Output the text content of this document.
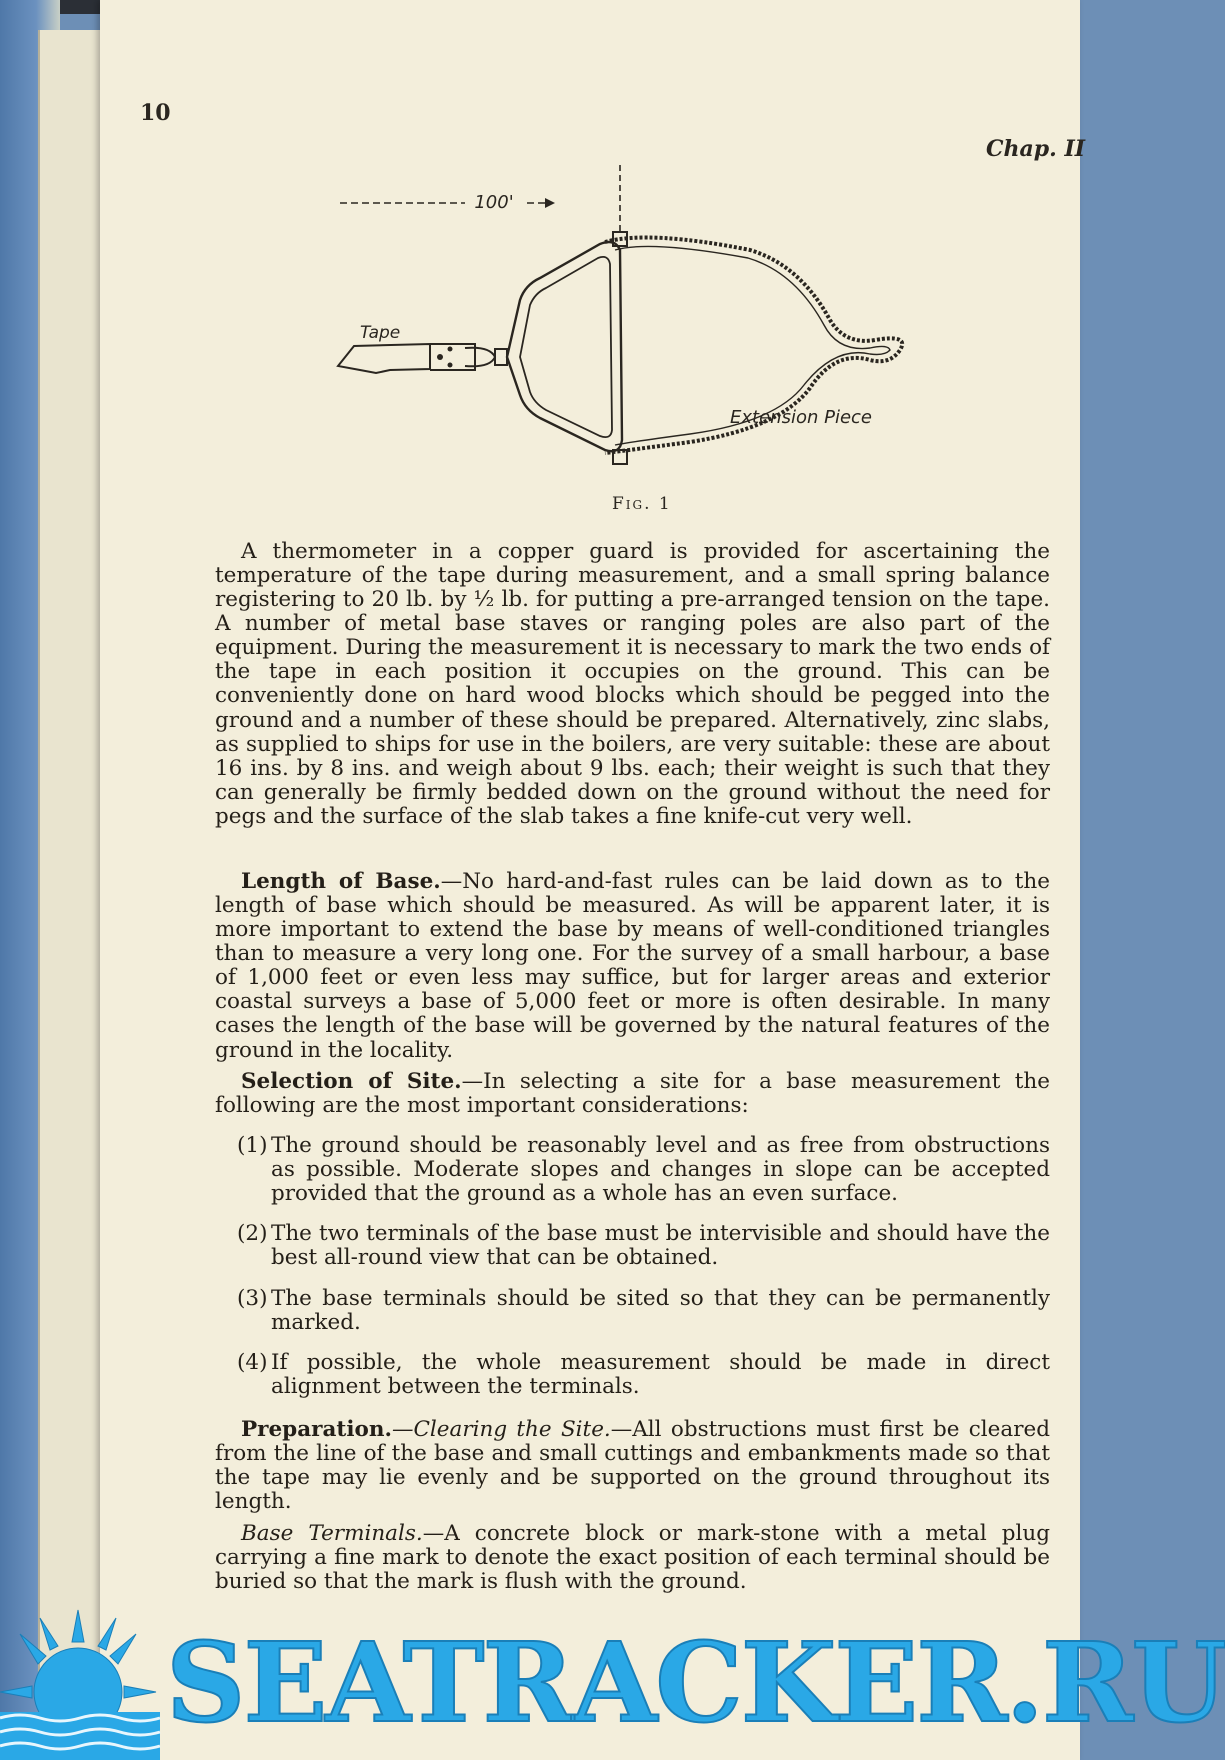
10
Chap. II
100'
Tape
Extension Piece
Fig. 1

A thermometer in a copper guard is provided for ascertaining the temperature of the tape during measurement, and a small spring balance registering to 20 lb. by ½ lb. for putting a pre-arranged tension on the tape. A number of metal base staves or ranging poles are also part of the equipment. During the measurement it is necessary to mark the two ends of the tape in each position it occupies on the ground. This can be conveniently done on hard wood blocks which should be pegged into the ground and a number of these should be prepared. Alternatively, zinc slabs, as supplied to ships for use in the boilers, are very suitable: these are about 16 ins. by 8 ins. and weigh about 9 lbs. each; their weight is such that they can generally be firmly bedded down on the ground without the need for pegs and the surface of the slab takes a fine knife-cut very well.

Length of Base.—No hard-and-fast rules can be laid down as to the length of base which should be measured. As will be apparent later, it is more important to extend the base by means of well-conditioned triangles than to measure a very long one. For the survey of a small harbour, a base of 1,000 feet or even less may suffice, but for larger areas and exterior coastal surveys a base of 5,000 feet or more is often desirable. In many cases the length of the base will be governed by the natural features of the ground in the locality.

Selection of Site.—In selecting a site for a base measurement the following are the most important considerations:

(1) The ground should be reasonably level and as free from obstructions as possible. Moderate slopes and changes in slope can be accepted provided that the ground as a whole has an even surface.
(2) The two terminals of the base must be intervisible and should have the best all-round view that can be obtained.
(3) The base terminals should be sited so that they can be permanently marked.
(4) If possible, the whole measurement should be made in direct alignment between the terminals.

Preparation.—Clearing the Site.—All obstructions must first be cleared from the line of the base and small cuttings and embankments made so that the tape may lie evenly and be supported on the ground throughout its length.

Base Terminals.—A concrete block or mark-stone with a metal plug carrying a fine mark to denote the exact position of each terminal should be buried so that the mark is flush with the ground.

SEATRACKER.RU
